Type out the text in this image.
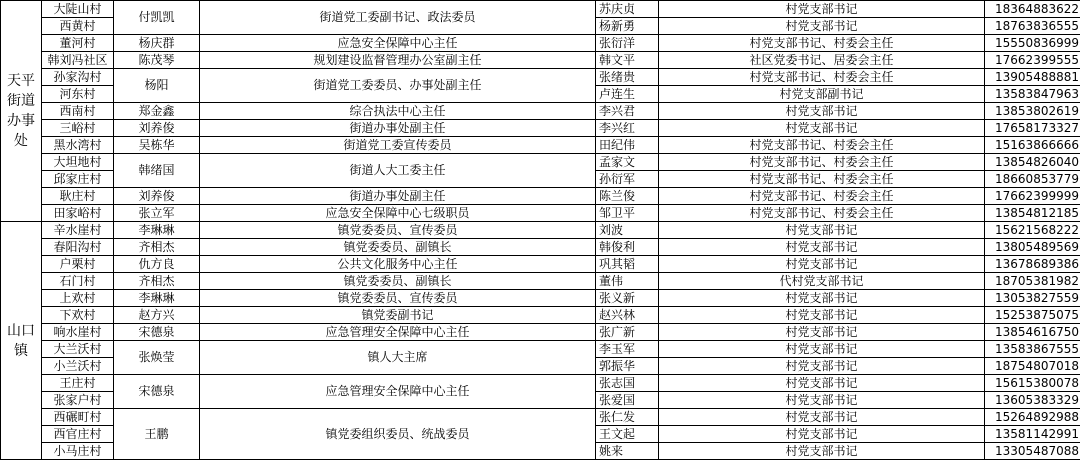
天平街道办事处	大陡山村	付凯凯	街道党工委副书记、政法委员	苏庆贞	村党支部书记	18364883622
	西黄村			杨新勇	村党支部书记	18763836555
	董河村	杨庆群	应急安全保障中心主任	张衍洋	村党支部书记、村委会主任	15550836999
	韩刘冯社区	陈茂琴	规划建设监督管理办公室副主任	韩文平	社区党委书记、居委会主任	17662399555
	孙家沟村	杨阳	街道党工委委员、办事处副主任	张绪贵	村党支部书记、村委会主任	13905488881
	河东村			卢连生	村党支部副书记	13583847963
	西南村	郑金鑫	综合执法中心主任	李兴君	村党支部书记	13853802619
	三峪村	刘养俊	街道办事处副主任	李兴红	村党支部书记	17658173327
	黑水湾村	吴栋华	街道党工委宣传委员	田纪伟	村党支部书记、村委会主任	15163866666
	大坦地村	韩绪国	街道人大工委主任	孟家文	村党支部书记、村委会主任	13854826040
	邱家庄村			孙衍军	村党支部书记、村委会主任	18660853779
	耿庄村	刘养俊	街道办事处副主任	陈兰俊	村党支部书记、村委会主任	17662399999
	田家峪村	张立军	应急安全保障中心七级职员	邹卫平	村党支部书记、村委会主任	13854812185
山口镇	辛水崖村	李琳琳	镇党委委员、宣传委员	刘波	村党支部书记	15621568222
	春阳沟村	齐相杰	镇党委委员、副镇长	韩俊利	村党支部书记	13805489569
	户栗村	仇方良	公共文化服务中心主任	巩其韬	村党支部书记	13678689386
	石门村	齐相杰	镇党委委员、副镇长	董伟	代村党支部书记	18705381982
	上欢村	李琳琳	镇党委委员、宣传委员	张义新	村党支部书记	13053827559
	下欢村	赵方兴	镇党委副书记	赵兴林	村党支部书记	15253875075
	响水崖村	宋德泉	应急管理安全保障中心主任	张广新	村党支部书记	13854616750
	大兰沃村	张焕莹	镇人大主席	李玉军	村党支部书记	13583867555
	小兰沃村			郭振华	村党支部书记	18754807018
	王庄村	宋德泉	应急管理安全保障中心主任	张志国	村党支部书记	15615380078
	张家户村			张爱国	村党支部书记	13605383329
	西碾町村	王鹏	镇党委组织委员、统战委员	张仁发	村党支部书记	15264892988
	西官庄村			王文起	村党支部书记	13581142991
	小马庄村			姚来	村党支部书记	13305487088
